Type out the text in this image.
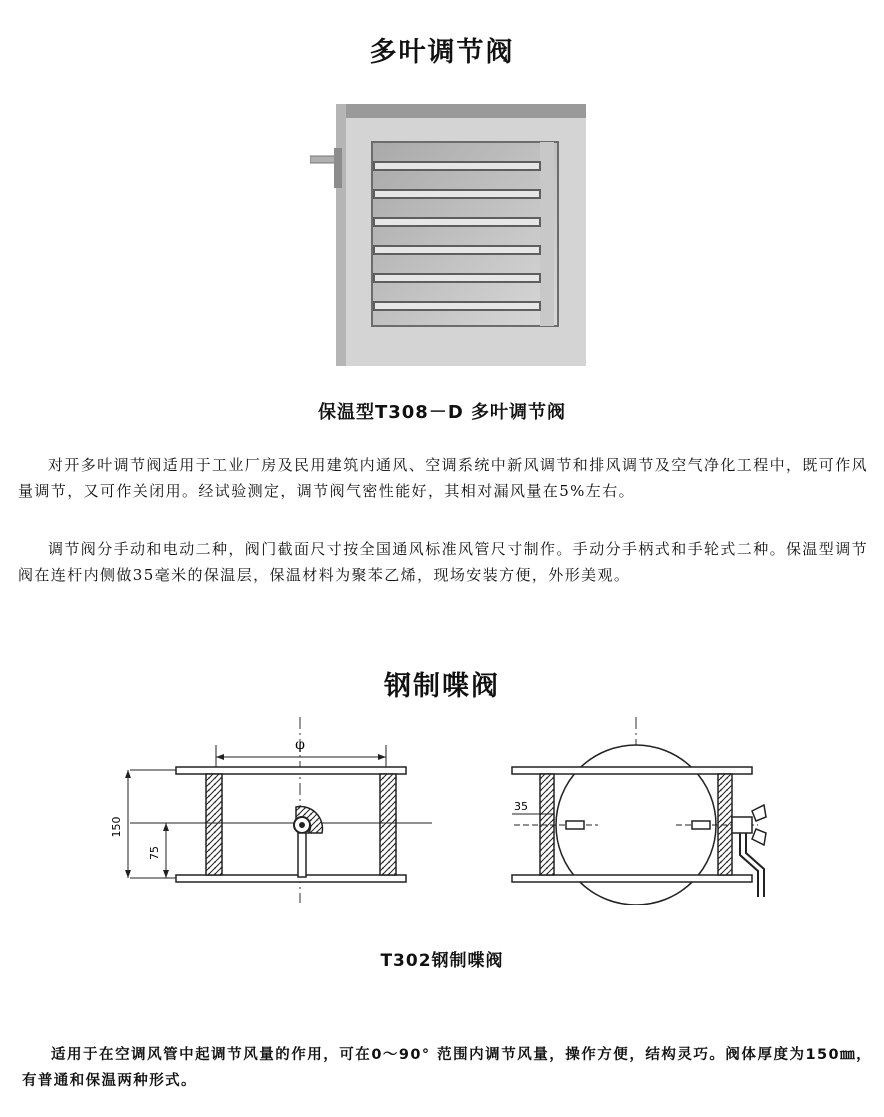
多叶调节阀
保温型T308－D 多叶调节阀

对开多叶调节阀适用于工业厂房及民用建筑内通风、空调系统中新风调节和排风调节及空气净化工程中，既可作风量调节，又可作关闭用。经试验测定，调节阀气密性能好，其相对漏风量在5%左右。

调节阀分手动和电动二种，阀门截面尺寸按全国通风标准风管尺寸制作。手动分手柄式和手轮式二种。保温型调节阀在连杆内侧做35毫米的保温层，保温材料为聚苯乙烯，现场安装方便，外形美观。

钢制喋阀
φ
150
75
35
T302钢制喋阀

适用于在空调风管中起调节风量的作用，可在0～90° 范围内调节风量，操作方便，结构灵巧。阀体厚度为150㎜，有普通和保温两种形式。
